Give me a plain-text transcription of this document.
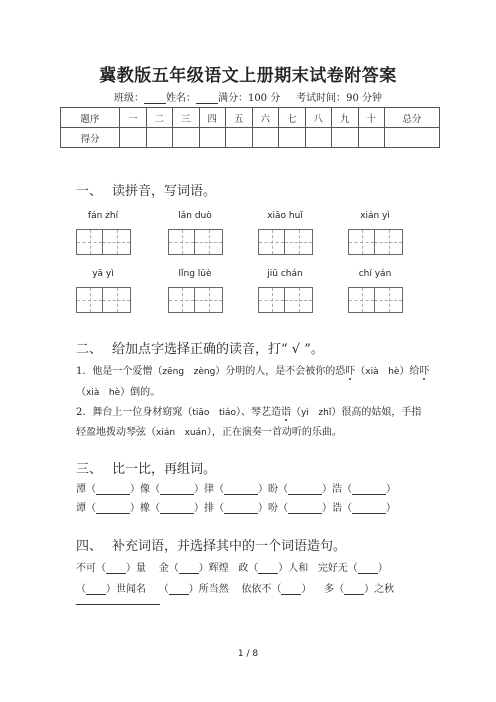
冀教版五年级语文上册期末试卷附答案
班级： 姓名： 满分：100 分 考试时间：90 分钟
题序	一	二	三	四	五	六	七	八	九	十	总分
得分											
一、 读拼音，写词语。
fán zhí	lǎn duò	xiāo huǐ	xián yì
yā yì	lǐng lüè	jiū chán	chí yán
二、 给加点字选择正确的读音，打“ √ ”。
1．他是一个爱憎（zēng zèng）分明的人，是不会被你的恐吓（xià hè）给吓
（xià hè）倒的。
2．舞台上一位身材窈窕（tiāo tiáo）、琴艺造诣（yì zhǐ）很高的姑娘，手指
轻盈地拨动琴弦（xián xuán），正在演奏一首动听的乐曲。
三、 比一比，再组词。
潭（	）像（	）律（	）盼（	）浩（	）
谭（	）橡（	）排（	）吩（	）诰（	）
四、 补充词语，并选择其中的一个词语造句。
不可（ ）量 金（ ）辉煌 政（ ）人和 完好无（ ）
（ ）世闻名 （ ）所当然 依依不（ ） 多（ ）之秋
1 / 8
